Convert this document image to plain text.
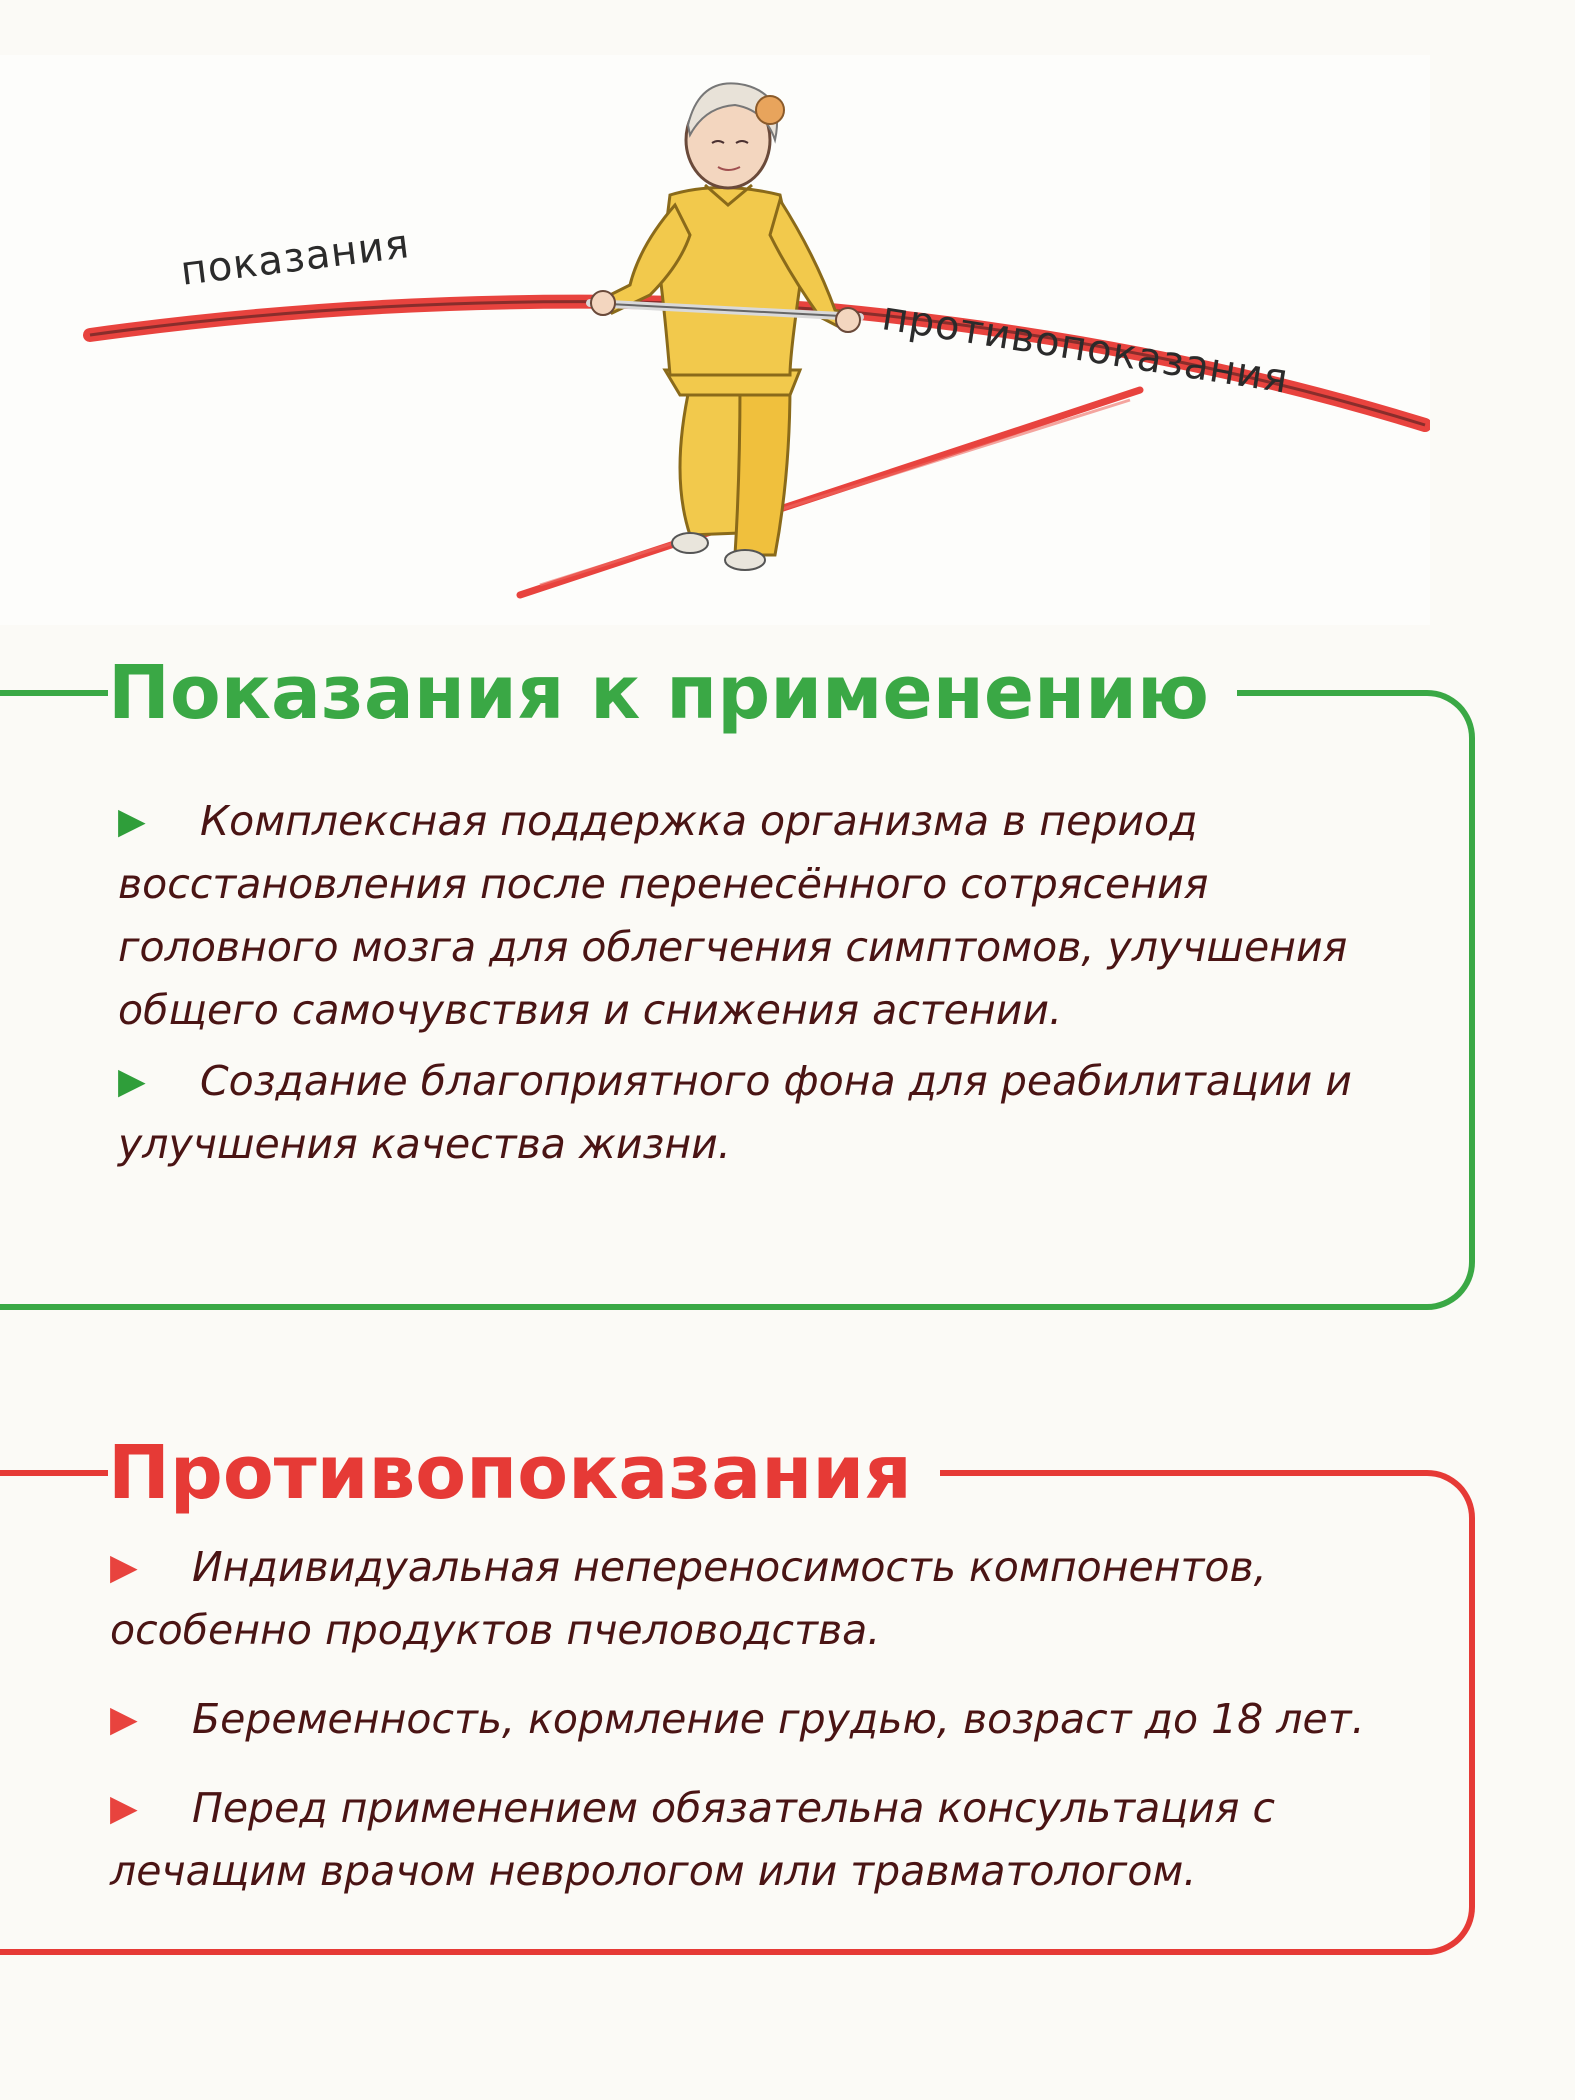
показания
противопоказания
Показания к применению
▶ Комплексная поддержка организма в период восстановления после перенесённого сотрясения головного мозга для облегчения симптомов, улучшения общего самочувствия и снижения астении.
▶ Создание благоприятного фона для реабилитации и улучшения качества жизни.
Противопоказания
▶ Индивидуальная непереносимость компонентов, особенно продуктов пчеловодства.
▶ Беременность, кормление грудью, возраст до 18 лет.
▶ Перед применением обязательна консультация с лечащим врачом неврологом или травматологом.
